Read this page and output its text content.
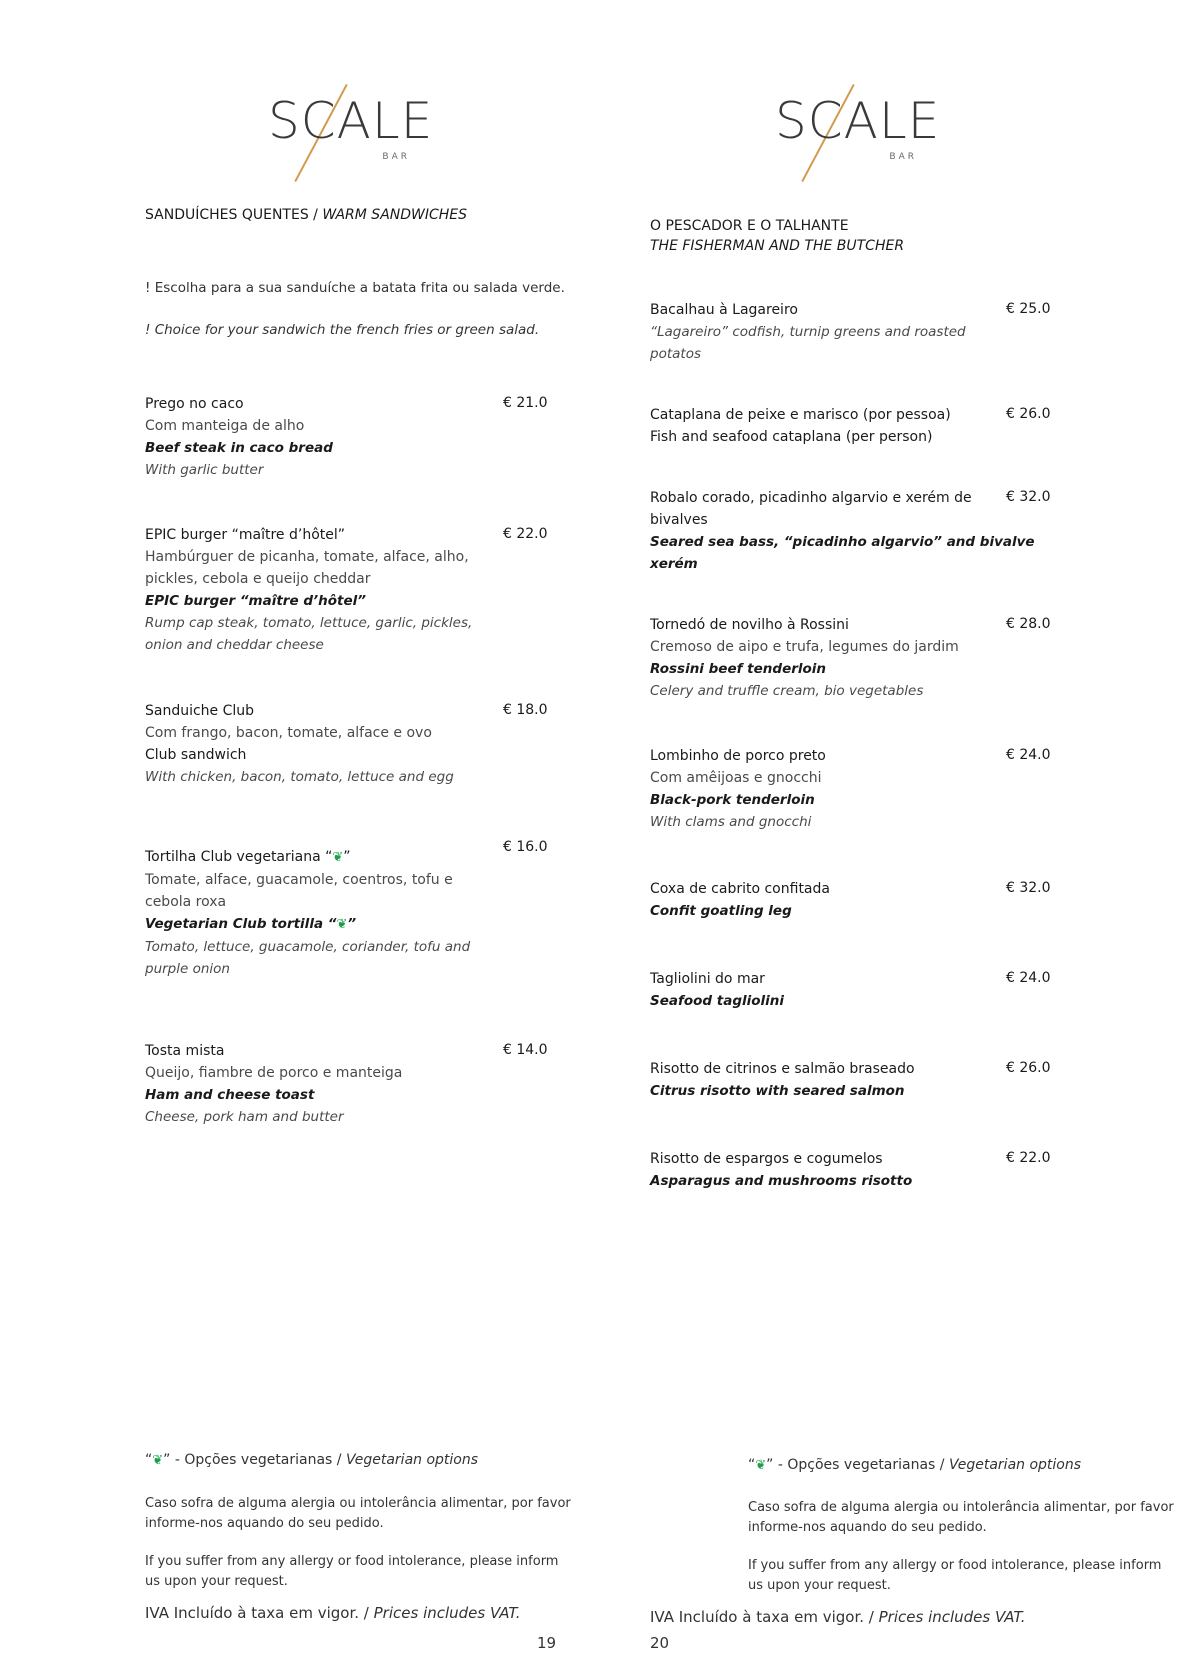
SCALE
BAR
SANDUÍCHES QUENTES / WARM SANDWICHES
! Escolha para a sua sanduíche a batata frita ou salada verde.
! Choice for your sandwich the french fries or green salad.
Prego no caco
Com manteiga de alho
Beef steak in caco bread
With garlic butter
€ 21.0
EPIC burger “maître d’hôtel”
Hambúrguer de picanha, tomate, alface, alho,
pickles, cebola e queijo cheddar
EPIC burger “maître d’hôtel”
Rump cap steak, tomato, lettuce, garlic, pickles,
onion and cheddar cheese
€ 22.0
Sanduiche Club
Com frango, bacon, tomate, alface e ovo
Club sandwich
With chicken, bacon, tomato, lettuce and egg
€ 18.0
Tortilha Club vegetariana “❦”
Tomate, alface, guacamole, coentros, tofu e
cebola roxa
Vegetarian Club tortilla “❦”
Tomato, lettuce, guacamole, coriander, tofu and
purple onion
€ 16.0
Tosta mista
Queijo, fiambre de porco e manteiga
Ham and cheese toast
Cheese, pork ham and butter
€ 14.0
“❦” - Opções vegetarianas / Vegetarian options
Caso sofra de alguma alergia ou intolerância alimentar, por favor
informe-nos aquando do seu pedido.
If you suffer from any allergy or food intolerance, please inform
us upon your request.
IVA Incluído à taxa em vigor. / Prices includes VAT.
19
SCALE
BAR
O PESCADOR E O TALHANTE
THE FISHERMAN AND THE BUTCHER
Bacalhau à Lagareiro
“Lagareiro” codfish, turnip greens and roasted
potatos
€ 25.0
Cataplana de peixe e marisco (por pessoa)
Fish and seafood cataplana (per person)
€ 26.0
Robalo corado, picadinho algarvio e xerém de
bivalves
Seared sea bass, “picadinho algarvio” and bivalve
xerém
€ 32.0
Tornedó de novilho à Rossini
Cremoso de aipo e trufa, legumes do jardim
Rossini beef tenderloin
Celery and truffle cream, bio vegetables
€ 28.0
Lombinho de porco preto
Com amêijoas e gnocchi
Black-pork tenderloin
With clams and gnocchi
€ 24.0
Coxa de cabrito confitada
Confit goatling leg
€ 32.0
Tagliolini do mar
Seafood tagliolini
€ 24.0
Risotto de citrinos e salmão braseado
Citrus risotto with seared salmon
€ 26.0
Risotto de espargos e cogumelos
Asparagus and mushrooms risotto
€ 22.0
“❦” - Opções vegetarianas / Vegetarian options
Caso sofra de alguma alergia ou intolerância alimentar, por favor
informe-nos aquando do seu pedido.
If you suffer from any allergy or food intolerance, please inform
us upon your request.
IVA Incluído à taxa em vigor. / Prices includes VAT.
20
